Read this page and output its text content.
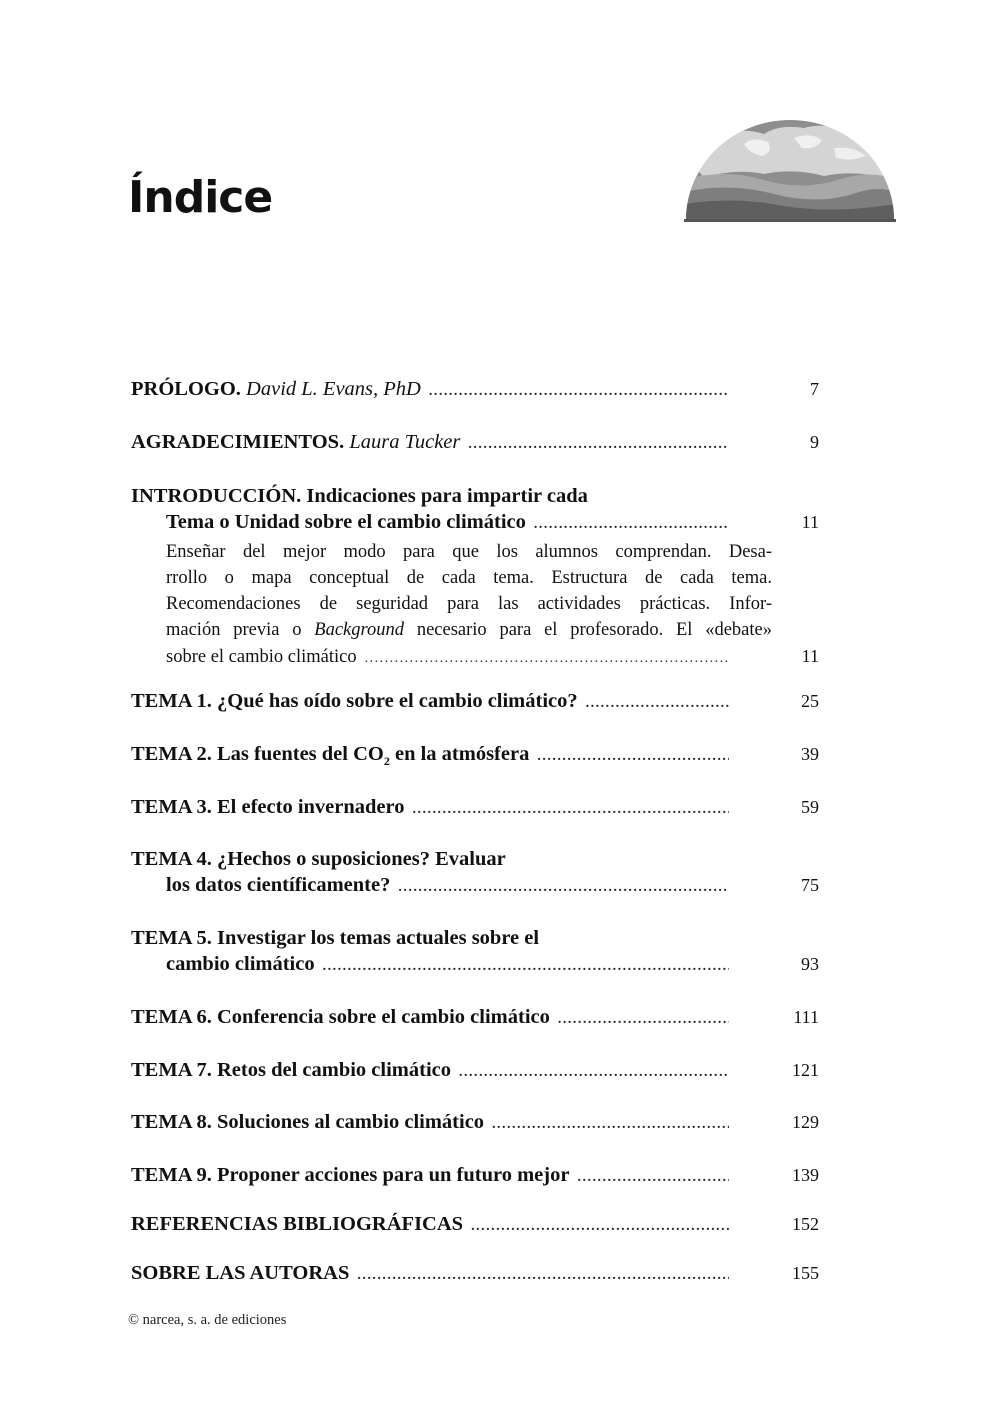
Índice
PRÓLOGO.
David L. Evans, PhD .....	7
AGRADECIMIENTOS.
Laura Tucker .....	9
INTRODUCCIÓN. Indicaciones para impartir cada
Tema o Unidad sobre el cambio climático .....	11
Enseñar del mejor modo para que los alumnos comprendan. Desa-
rrollo o mapa conceptual de cada tema. Estructura de cada tema.
Recomendaciones de seguridad para las actividades prácticas. Infor-
mación previa o Background necesario para el profesorado. El «debate»
sobre el cambio climático .....	11
TEMA 1. ¿Qué has oído sobre el cambio climático? .....	25
TEMA 2. Las fuentes del $CO_2$ en la atmósfera .....	39
TEMA 3. El efecto invernadero .....	59
TEMA 4. ¿Hechos o suposiciones? Evaluar
los datos científicamente? .....	75
TEMA 5. Investigar los temas actuales sobre el
cambio climático .....	93
TEMA 6. Conferencia sobre el cambio climático .....	111
TEMA 7. Retos del cambio climático .....	121
TEMA 8. Soluciones al cambio climático .....	129
TEMA 9. Proponer acciones para un futuro mejor .....	139
REFERENCIAS BIBLIOGRÁFICAS .....	152
SOBRE LAS AUTORAS .....	155
© narcea, s. a. de ediciones
